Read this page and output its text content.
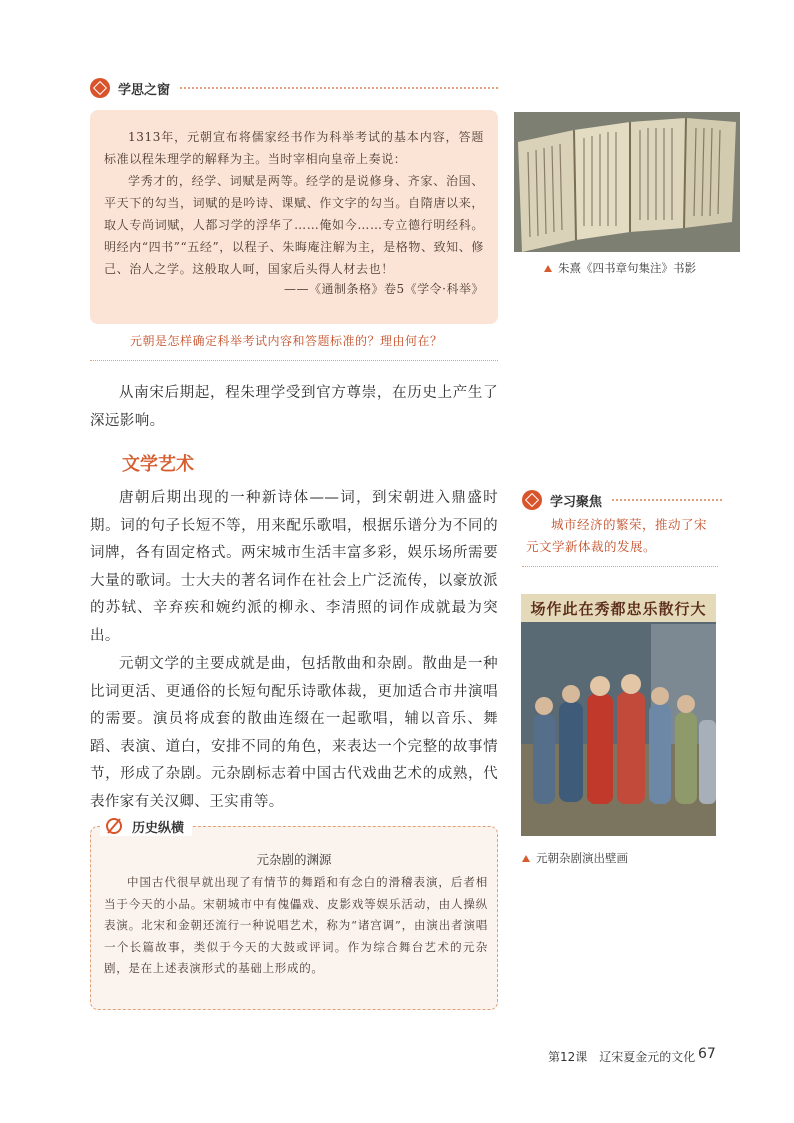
学思之窗

1313年，元朝宣布将儒家经书作为科举考试的基本内容，答题标准以程朱理学的解释为主。当时宰相向皇帝上奏说：

学秀才的，经学、词赋是两等。经学的是说修身、齐家、治国、平天下的勾当，词赋的是吟诗、课赋、作文字的勾当。自隋唐以来，取人专尚词赋，人都习学的浮华了……俺如今……专立德行明经科。明经内“四书”“五经”，以程子、朱晦庵注解为主，是格物、致知、修己、治人之学。这般取人呵，国家后头得人材去也！

——《通制条格》卷5《学令·科举》

元朝是怎样确定科举考试内容和答题标准的？理由何在？
朱熹《四书章句集注》书影

从南宋后期起，程朱理学受到官方尊崇，在历史上产生了深远影响。

文学艺术

唐朝后期出现的一种新诗体——词，到宋朝进入鼎盛时期。词的句子长短不等，用来配乐歌唱，根据乐谱分为不同的词牌，各有固定格式。两宋城市生活丰富多彩，娱乐场所需要大量的歌词。士大夫的著名词作在社会上广泛流传，以豪放派的苏轼、辛弃疾和婉约派的柳永、李清照的词作成就最为突出。

元朝文学的主要成就是曲，包括散曲和杂剧。散曲是一种比词更活、更通俗的长短句配乐诗歌体裁，更加适合市井演唱的需要。演员将成套的散曲连缀在一起歌唱，辅以音乐、舞蹈、表演、道白，安排不同的角色，来表达一个完整的故事情节，形成了杂剧。元杂剧标志着中国古代戏曲艺术的成熟，代表作家有关汉卿、王实甫等。

学习聚焦

城市经济的繁荣，推动了宋元文学新体裁的发展。

大行散乐忠都秀在此作场
元朝杂剧演出壁画
历史纵横
元杂剧的渊源

中国古代很早就出现了有情节的舞蹈和有念白的滑稽表演，后者相当于今天的小品。宋朝城市中有傀儡戏、皮影戏等娱乐活动，由人操纵表演。北宋和金朝还流行一种说唱艺术，称为“诸宫调”，由演出者演唱一个长篇故事，类似于今天的大鼓或评词。作为综合舞台艺术的元杂剧，是在上述表演形式的基础上形成的。

第12课　辽宋夏金元的文化 67
